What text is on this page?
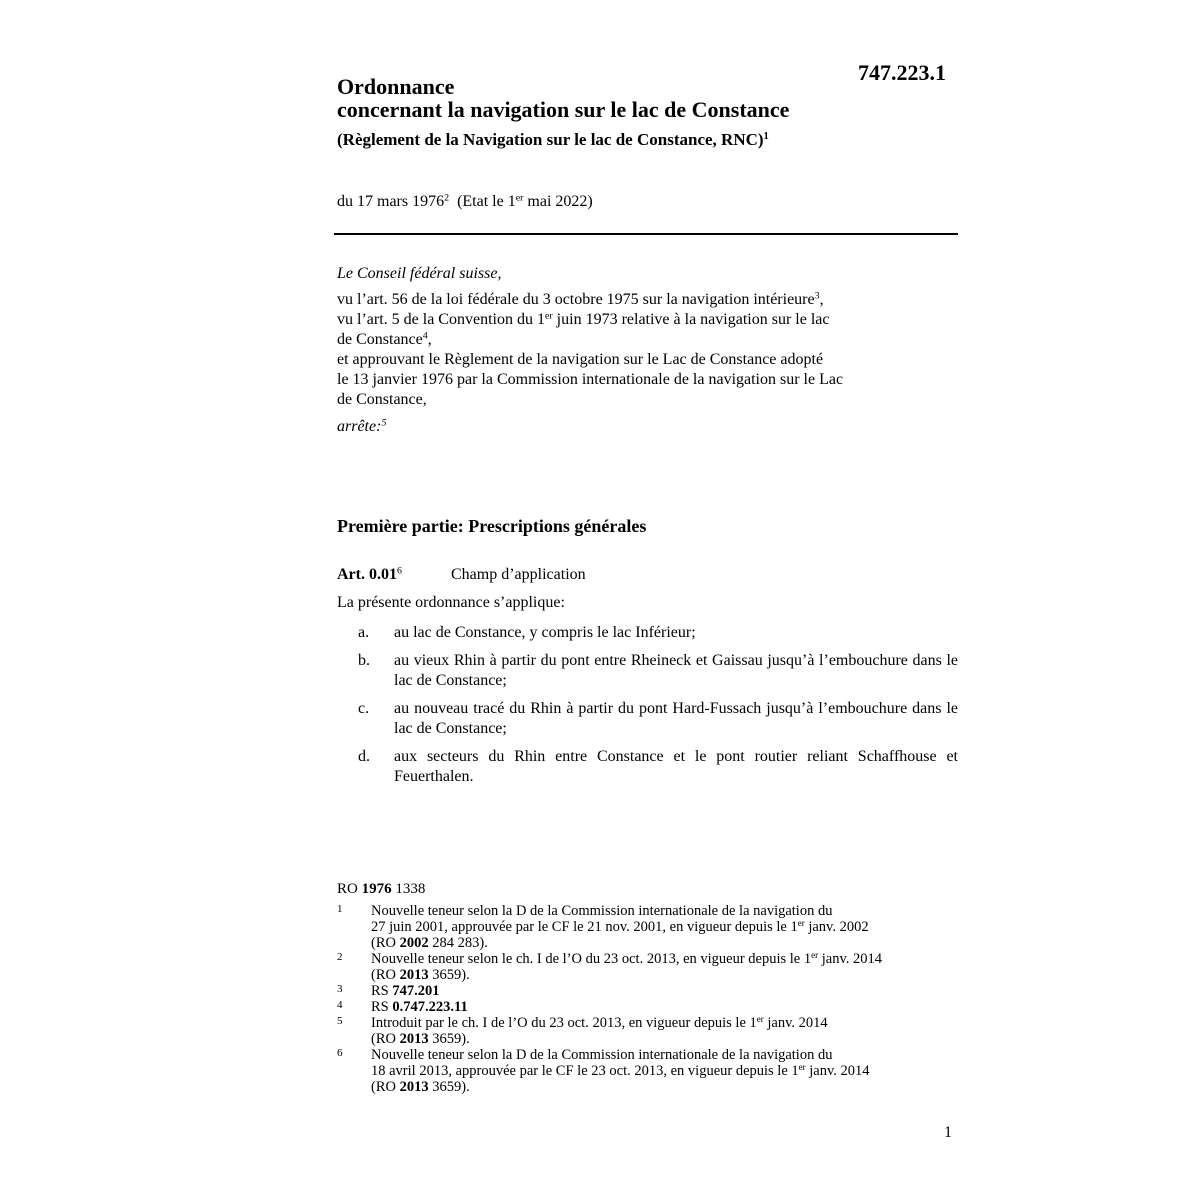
747.223.1
Ordonnance
concernant la navigation sur le lac de Constance
(Règlement de la Navigation sur le lac de Constance, RNC)$^1$
du 17 mars 1976$^2$ (Etat le 1er mai 2022)
Le Conseil fédéral suisse,
vu l’art. 56 de la loi fédérale du 3 octobre 1975 sur la navigation intérieure$^3$,
vu l’art. 5 de la Convention du 1er juin 1973 relative à la navigation sur le lac
de Constance$^4$,
et approuvant le Règlement de la navigation sur le Lac de Constance adopté
le 13 janvier 1976 par la Commission internationale de la navigation sur le Lac
de Constance,
arrête:$^5$
Première partie: Prescriptions générales
Art. 0.01$^6$	Champ d’application
La présente ordonnance s’applique:
a. au lac de Constance, y compris le lac Inférieur;
b. au vieux Rhin à partir du pont entre Rheineck et Gaissau jusqu’à l’embouchure dans le lac de Constance;
c. au nouveau tracé du Rhin à partir du pont Hard-Fussach jusqu’à l’embouchure dans le lac de Constance;
d. aux secteurs du Rhin entre Constance et le pont routier reliant Schaffhouse et Feuerthalen.
RO 1976 1338
1 Nouvelle teneur selon la D de la Commission internationale de la navigation du
27 juin 2001, approuvée par le CF le 21 nov. 2001, en vigueur depuis le 1er janv. 2002
(RO 2002 284 283).
2 Nouvelle teneur selon le ch. I de l’O du 23 oct. 2013, en vigueur depuis le 1er janv. 2014
(RO 2013 3659).
3 RS 747.201
4 RS 0.747.223.11
5 Introduit par le ch. I de l’O du 23 oct. 2013, en vigueur depuis le 1er janv. 2014
(RO 2013 3659).
6 Nouvelle teneur selon la D de la Commission internationale de la navigation du
18 avril 2013, approuvée par le CF le 23 oct. 2013, en vigueur depuis le 1er janv. 2014
(RO 2013 3659).
1
